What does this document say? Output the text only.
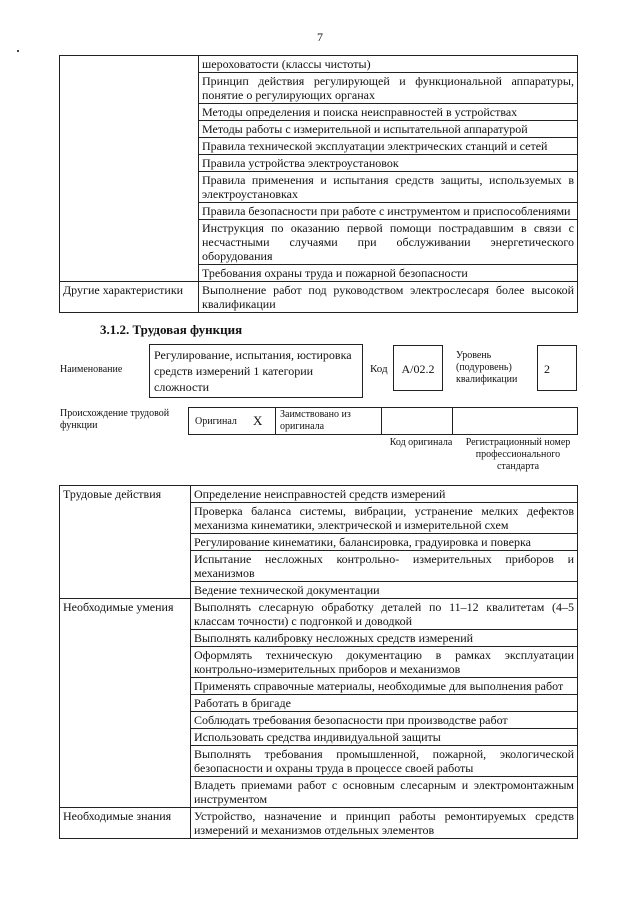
7
	шероховатости (классы чистоты)
	Принцип действия регулирующей и функциональной аппаратуры, понятие о регулирующих органах
	Методы определения и поиска неисправностей в устройствах
	Методы работы с измерительной и испытательной аппаратурой
	Правила технической эксплуатации электрических станций и сетей
	Правила устройства электроустановок
	Правила применения и испытания средств защиты, используемых в электроустановках
	Правила безопасности при работе с инструментом и приспособлениями
	Инструкция по оказанию первой помощи пострадавшим в связи с несчастными случаями при обслуживании энергетического оборудования
	Требования охраны труда и пожарной безопасности
Другие характеристики	Выполнение работ под руководством электрослесаря более высокой квалификации
3.1.2. Трудовая функция
Наименование
Регулирование, испытания, юстировка средств измерений 1 категории сложности
Код	А/02.2
Уровень (подуровень) квалификации
2
Происхождение трудовой функции	Оригинал X	Заимствовано из оригинала
Код оригинала	Регистрационный номер профессионального стандарта
Трудовые действия	Определение неисправностей средств измерений
	Проверка баланса системы, вибрации, устранение мелких дефектов механизма кинематики, электрической и измерительной схем
	Регулирование кинематики, балансировка, градуировка и поверка
	Испытание несложных контрольно- измерительных приборов и механизмов
	Ведение технической документации
Необходимые умения	Выполнять слесарную обработку деталей по 11–12 квалитетам (4–5 классам точности) с подгонкой и доводкой
	Выполнять калибровку несложных средств измерений
	Оформлять техническую документацию в рамках эксплуатации контрольно-измерительных приборов и механизмов
	Применять справочные материалы, необходимые для выполнения работ
	Работать в бригаде
	Соблюдать требования безопасности при производстве работ
	Использовать средства индивидуальной защиты
	Выполнять требования промышленной, пожарной, экологической безопасности и охраны труда в процессе своей работы
	Владеть приемами работ с основным слесарным и электромонтажным инструментом
Необходимые знания	Устройство, назначение и принцип работы ремонтируемых средств измерений и механизмов отдельных элементов
